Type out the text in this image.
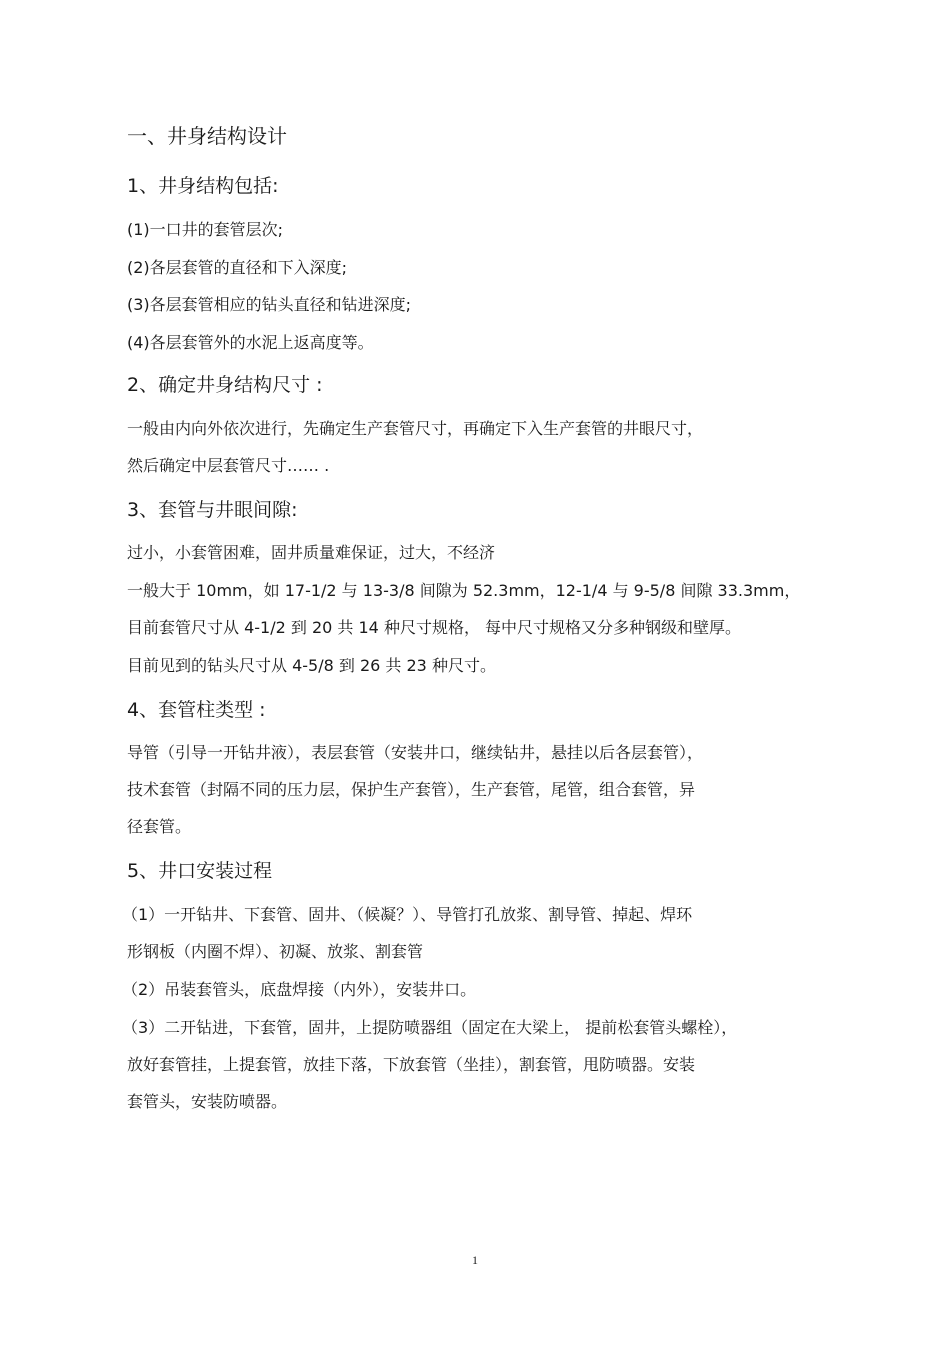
一、井身结构设计
1、井身结构包括:
(1)一口井的套管层次;
(2)各层套管的直径和下入深度;
(3)各层套管相应的钻头直径和钻进深度;
(4)各层套管外的水泥上返高度等。
2、确定井身结构尺寸 :
一般由内向外依次进行，先确定生产套管尺寸，再确定下入生产套管的井眼尺寸，
然后确定中层套管尺寸…… .
3、套管与井眼间隙:
过小，小套管困难，固井质量难保证，过大，不经济
一般大于 10mm，如 17-1/2 与 13-3/8 间隙为 52.3mm，12-1/4 与 9-5/8 间隙 33.3mm，
目前套管尺寸从 4-1/2 到 20 共 14 种尺寸规格， 每中尺寸规格又分多种钢级和壁厚。
目前见到的钻头尺寸从 4-5/8 到 26 共 23 种尺寸。
4、套管柱类型 :
导管（引导一开钻井液），表层套管（安装井口，继续钻井，悬挂以后各层套管），
技术套管（封隔不同的压力层，保护生产套管），生产套管，尾管，组合套管，异
径套管。
5、井口安装过程
（1）一开钻井、下套管、固井、（候凝？）、导管打孔放浆、割导管、掉起、焊环
形钢板（内圈不焊）、初凝、放浆、割套管
（2）吊装套管头，底盘焊接（内外），安装井口。
（3）二开钻进，下套管，固井，上提防喷器组（固定在大梁上， 提前松套管头螺栓），
放好套管挂，上提套管，放挂下落，下放套管（坐挂），割套管，甩防喷器。安装
套管头，安装防喷器。
1
